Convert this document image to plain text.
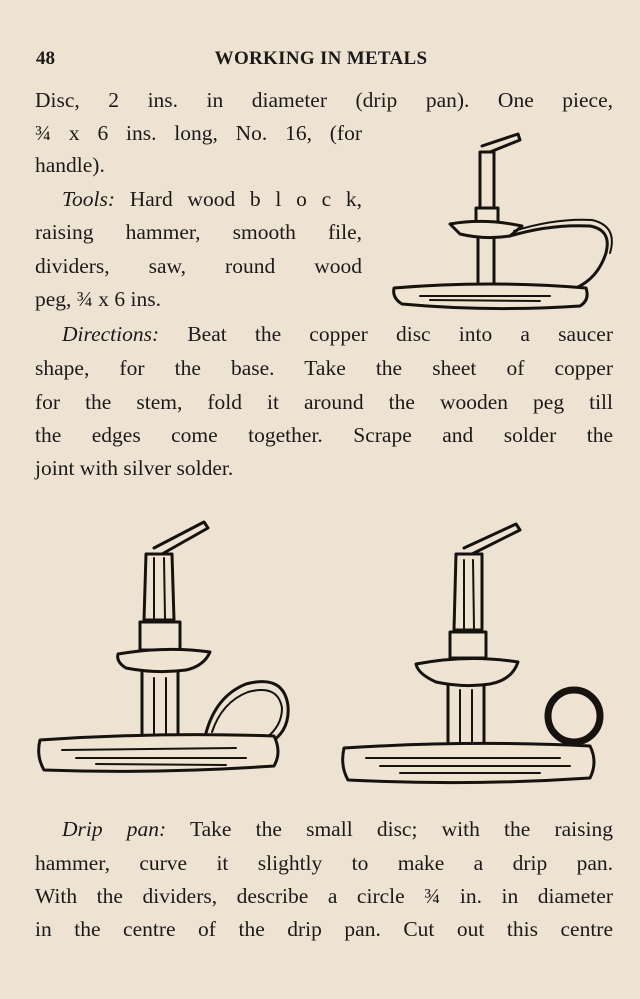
48	WORKING IN METALS
Disc, 2 ins. in diameter (drip pan). One piece,
¾ x 6 ins. long, No. 16, (for
handle).
Tools: Hard wood b l o c k,
raising hammer, smooth file,
dividers, saw, round wood
peg, ¾ x 6 ins.
Directions: Beat the copper disc into a saucer
shape, for the base. Take the sheet of copper
for the stem, fold it around the wooden peg till
the edges come together. Scrape and solder the
joint with silver solder.
Drip pan: Take the small disc; with the raising
hammer, curve it slightly to make a drip pan.
With the dividers, describe a circle ¾ in. in diameter
in the centre of the drip pan. Cut out this centre
